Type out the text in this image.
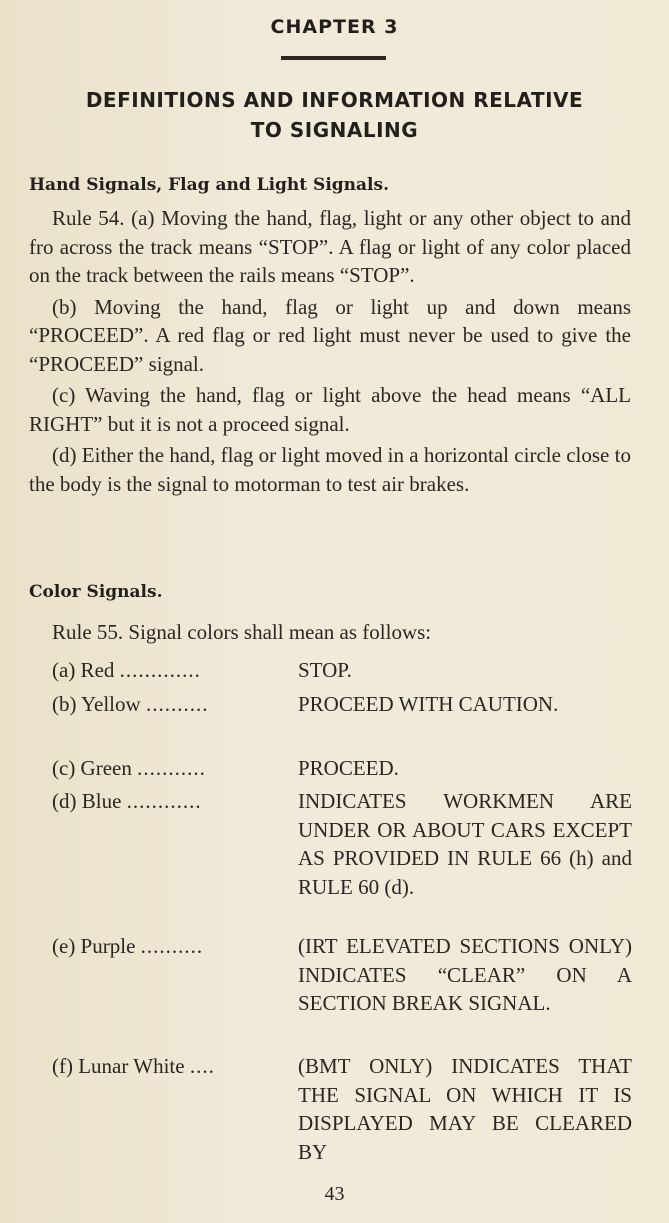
CHAPTER 3
DEFINITIONS AND INFORMATION RELATIVE
TO SIGNALING
Hand Signals, Flag and Light Signals.

Rule 54. (a) Moving the hand, flag, light or any other object to and fro across the track means “STOP”. A flag or light of any color placed on the track between the rails means “STOP”.

(b) Moving the hand, flag or light up and down means “PROCEED”. A red flag or red light must never be used to give the “PROCEED” signal.

(c) Waving the hand, flag or light above the head means “ALL RIGHT” but it is not a proceed signal.

(d) Either the hand, flag or light moved in a horizontal circle close to the body is the signal to motorman to test air brakes.

Color Signals.
Rule 55. Signal colors shall mean as follows:
(a) Red .............	STOP.
(b) Yellow ..........	PROCEED WITH CAUTION.
(c) Green ...........	PROCEED.
(d) Blue ............	INDICATES WORKMEN ARE UNDER OR ABOUT CARS EXCEPT AS PROVIDED IN RULE 66 (h) and RULE 60 (d).
(e) Purple ..........	(IRT ELEVATED SECTIONS ONLY) INDICATES “CLEAR” ON A SECTION BREAK SIGNAL.
(f) Lunar White ....	(BMT ONLY) INDICATES THAT THE SIGNAL ON WHICH IT IS DISPLAYED MAY BE CLEARED BY
43
